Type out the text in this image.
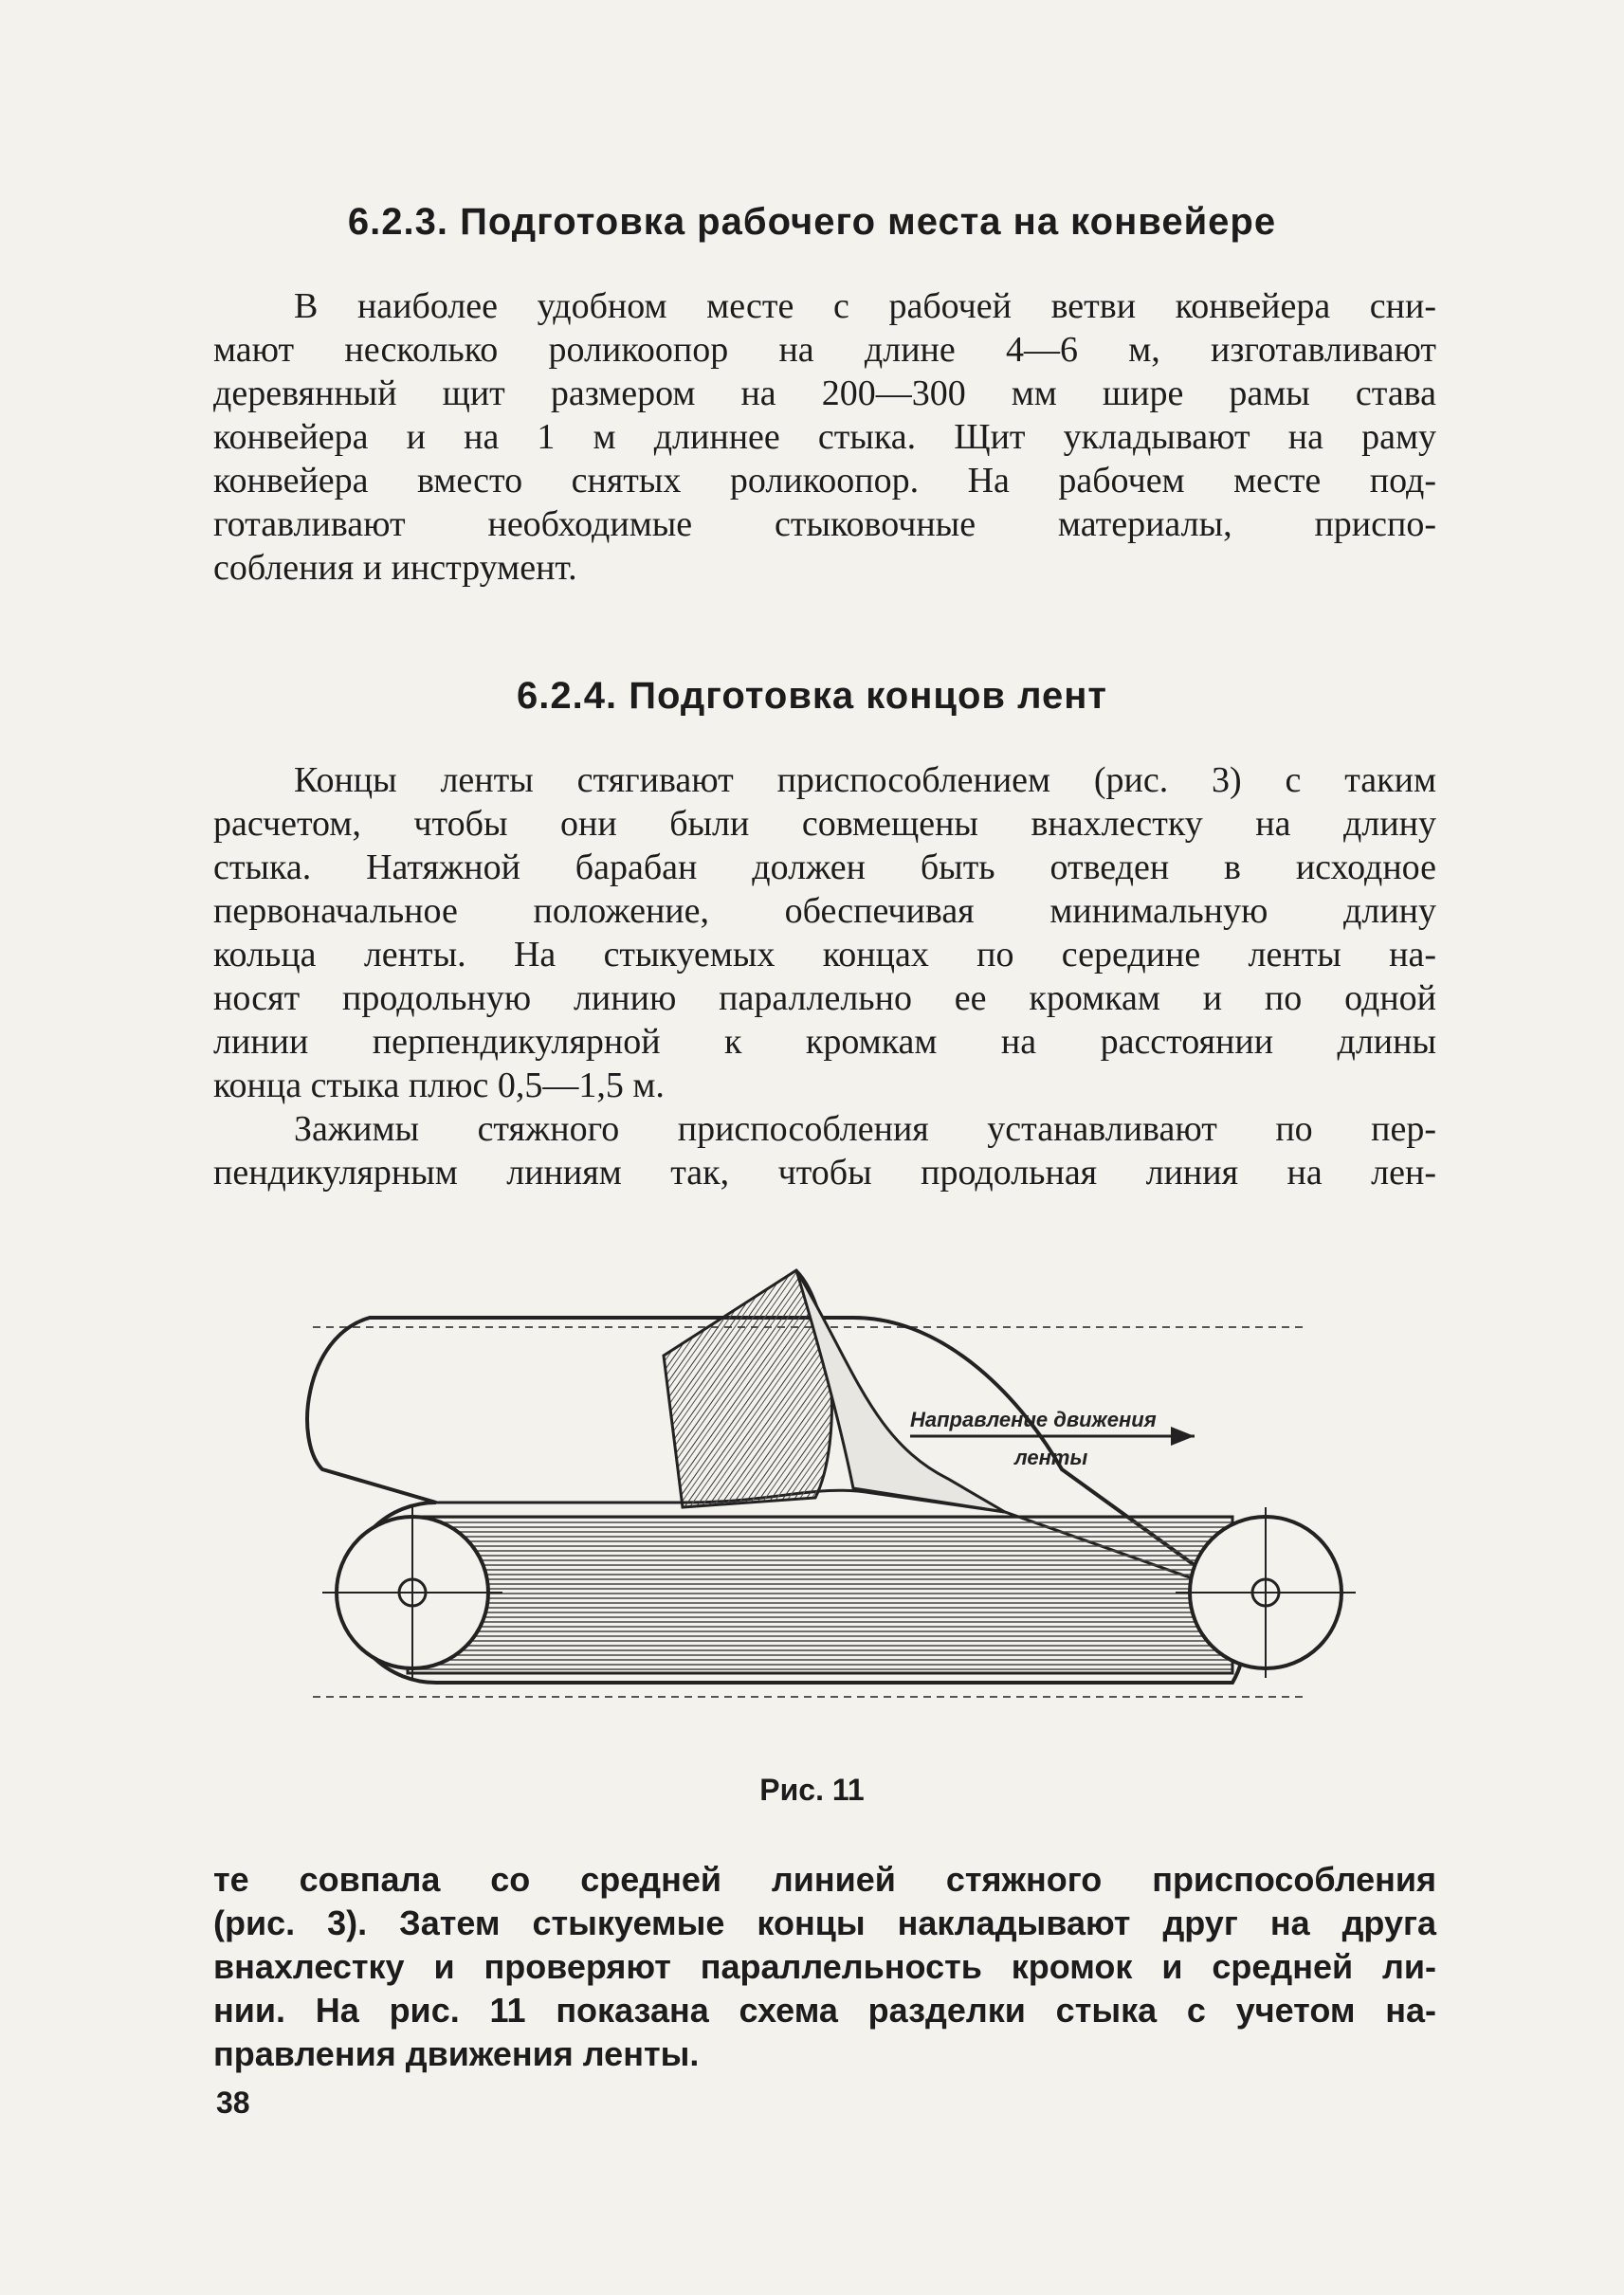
6.2.3. Подготовка рабочего места на конвейере
В наиболее удобном месте с рабочей ветви конвейера сни-
мают несколько роликоопор на длине 4—6 м, изготавливают
деревянный щит размером на 200—300 мм шире рамы става
конвейера и на 1 м длиннее стыка. Щит укладывают на раму
конвейера вместо снятых роликоопор. На рабочем месте под-
готавливают необходимые стыковочные материалы, приспо-
собления и инструмент.
6.2.4. Подготовка концов лент
Концы ленты стягивают приспособлением (рис. 3) с таким
расчетом, чтобы они были совмещены внахлестку на длину
стыка. Натяжной барабан должен быть отведен в исходное
первоначальное положение, обеспечивая минимальную длину
кольца ленты. На стыкуемых концах по середине ленты на-
носят продольную линию параллельно ее кромкам и по одной
линии перпендикулярной к кромкам на расстоянии длины
конца стыка плюс 0,5—1,5 м.
Зажимы стяжного приспособления устанавливают по пер-
пендикулярным линиям так, чтобы продольная линия на лен-
Направление движения
ленты
Рис. 11
те совпала со средней линией стяжного приспособления
(рис. 3). Затем стыкуемые концы накладывают друг на друга
внахлестку и проверяют параллельность кромок и средней ли-
нии. На рис. 11 показана схема разделки стыка с учетом на-
правления движения ленты.
38
